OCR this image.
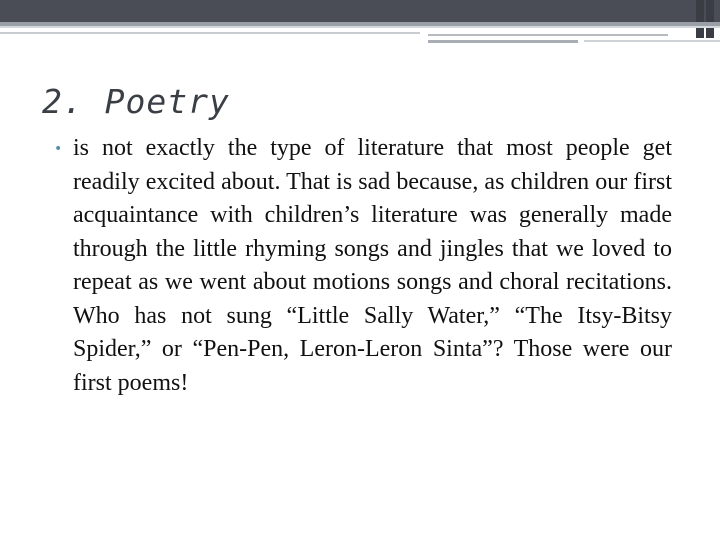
2. Poetry
• is not exactly the type of literature that most people get readily excited about. That is sad because, as children our first acquaintance with children’s literature was generally made through the little rhyming songs and jingles that we loved to repeat as we went about motions songs and choral recitations. Who has not sung “Little Sally Water,” “The Itsy-Bitsy Spider,” or “Pen-Pen, Leron-Leron Sinta”? Those were our first poems!
